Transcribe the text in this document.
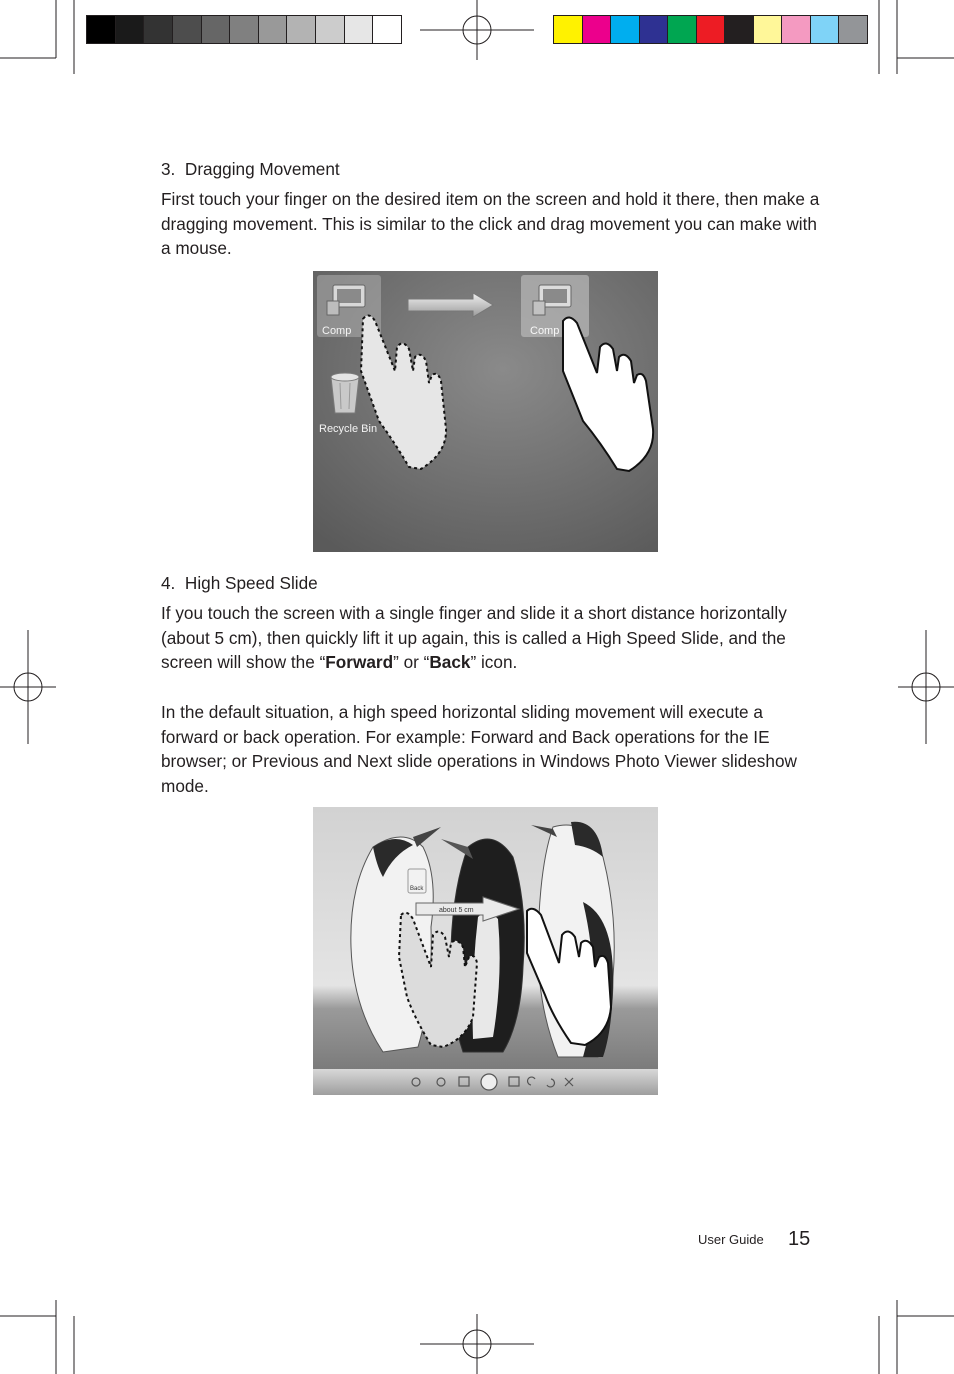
3. Dragging Movement
First touch your finger on the desired item on the screen and hold it there, then make a dragging movement. This is similar to the click and drag movement you can make with a mouse.
Comp
Recycle Bin
Comp
4. High Speed Slide
If you touch the screen with a single finger and slide it a short distance horizontally (about 5 cm), then quickly lift it up again, this is called a High Speed Slide, and the screen will show the “Forward” or “Back” icon.
In the default situation, a high speed horizontal sliding movement will execute a forward or back operation. For example: Forward and Back operations for the IE browser; or Previous and Next slide operations in Windows Photo Viewer slideshow mode.
Back
about 5 cm
User Guide 15
